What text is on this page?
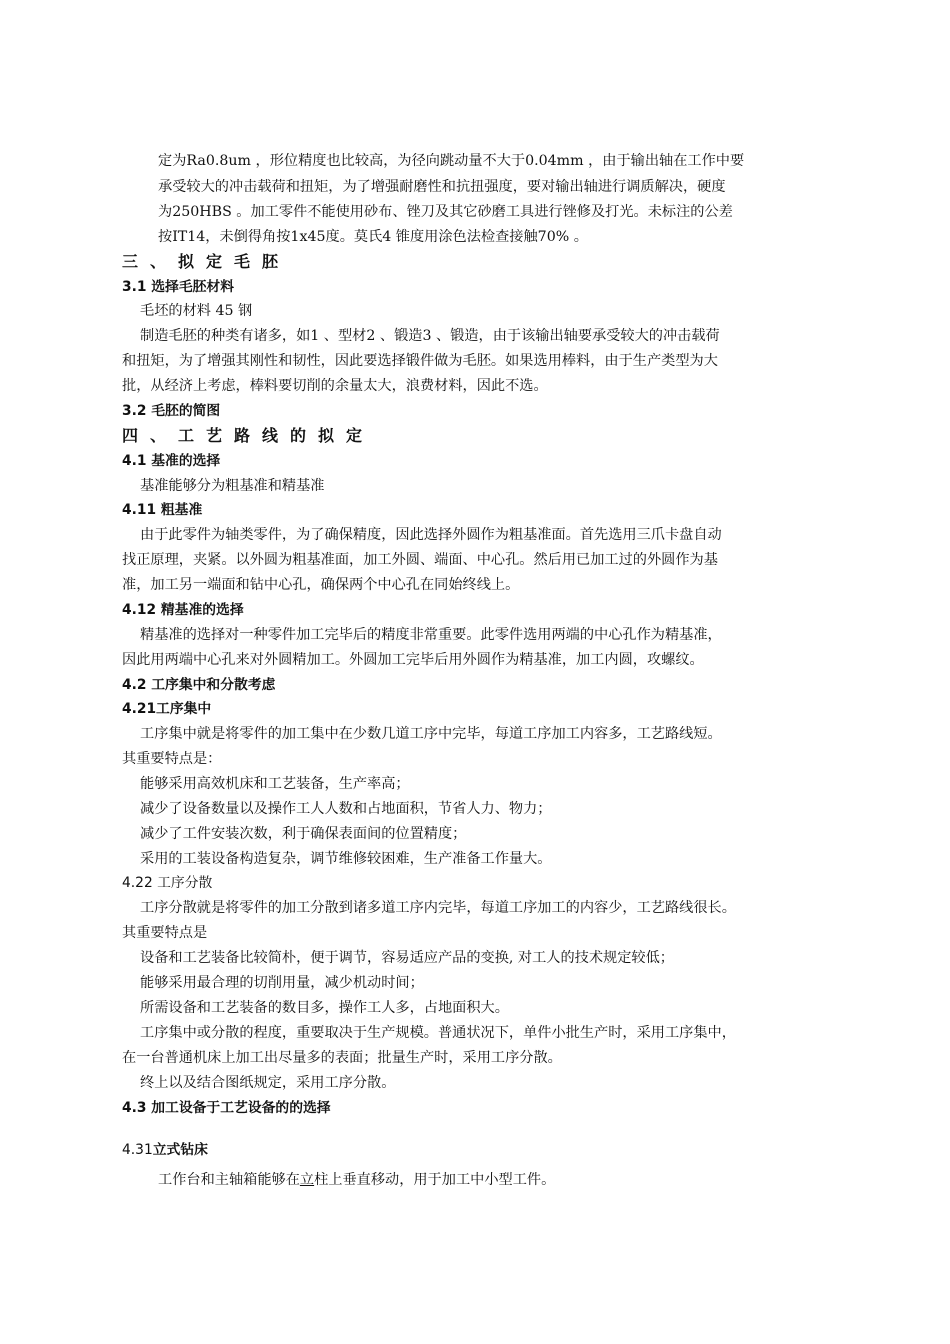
定为Ra0.8um ，形位精度也比较高，为径向跳动量不大于0.04mm ，由于输出轴在工作中要
承受较大的冲击载荷和扭矩，为了增强耐磨性和抗扭强度，要对输出轴进行调质解决，硬度
为250HBS 。加工零件不能使用砂布、锉刀及其它砂磨工具进行锉修及打光。未标注的公差
按IT14，未倒得角按1x45度。莫氏4 锥度用涂色法检查接触70% 。
三、拟定毛胚
3.1 选择毛胚材料
毛坯的材料 45 钢
制造毛胚的种类有诸多，如1 、型材2 、锻造3 、锻造，由于该输出轴要承受较大的冲击载荷
和扭矩，为了增强其刚性和韧性，因此要选择锻件做为毛胚。如果选用棒料，由于生产类型为大
批，从经济上考虑，棒料要切削的余量太大，浪费材料，因此不选。
3.2 毛胚的简图
四、工艺路线的拟定
4.1 基准的选择
基准能够分为粗基准和精基准
4.11 粗基准
由于此零件为轴类零件，为了确保精度，因此选择外圆作为粗基准面。首先选用三爪卡盘自动
找正原理，夹紧。以外圆为粗基准面，加工外圆、端面、中心孔。然后用已加工过的外圆作为基
准，加工另一端面和钻中心孔，确保两个中心孔在同始终线上。
4.12 精基准的选择
精基准的选择对一种零件加工完毕后的精度非常重要。此零件选用两端的中心孔作为精基准，
因此用两端中心孔来对外圆精加工。外圆加工完毕后用外圆作为精基准，加工内圆，攻螺纹。
4.2 工序集中和分散考虑
4.21工序集中
工序集中就是将零件的加工集中在少数几道工序中完毕，每道工序加工内容多，工艺路线短。
其重要特点是：
能够采用高效机床和工艺装备，生产率高；
减少了设备数量以及操作工人人数和占地面积，节省人力、物力；
减少了工件安装次数，利于确保表面间的位置精度；
采用的工装设备构造复杂，调节维修较困难，生产准备工作量大。
4.22 工序分散
工序分散就是将零件的加工分散到诸多道工序内完毕，每道工序加工的内容少，工艺路线很长。
其重要特点是
设备和工艺装备比较简朴，便于调节，容易适应产品的变换, 对工人的技术规定较低；
能够采用最合理的切削用量，减少机动时间；
所需设备和工艺装备的数目多，操作工人多，占地面积大。
工序集中或分散的程度，重要取决于生产规模。普通状况下，单件小批生产时，采用工序集中，
在一台普通机床上加工出尽量多的表面；批量生产时，采用工序分散。
终上以及结合图纸规定，采用工序分散。
4.3 加工设备于工艺设备的的选择
4.31立式钻床
工作台和主轴箱能够在立柱上垂直移动，用于加工中小型工件。
